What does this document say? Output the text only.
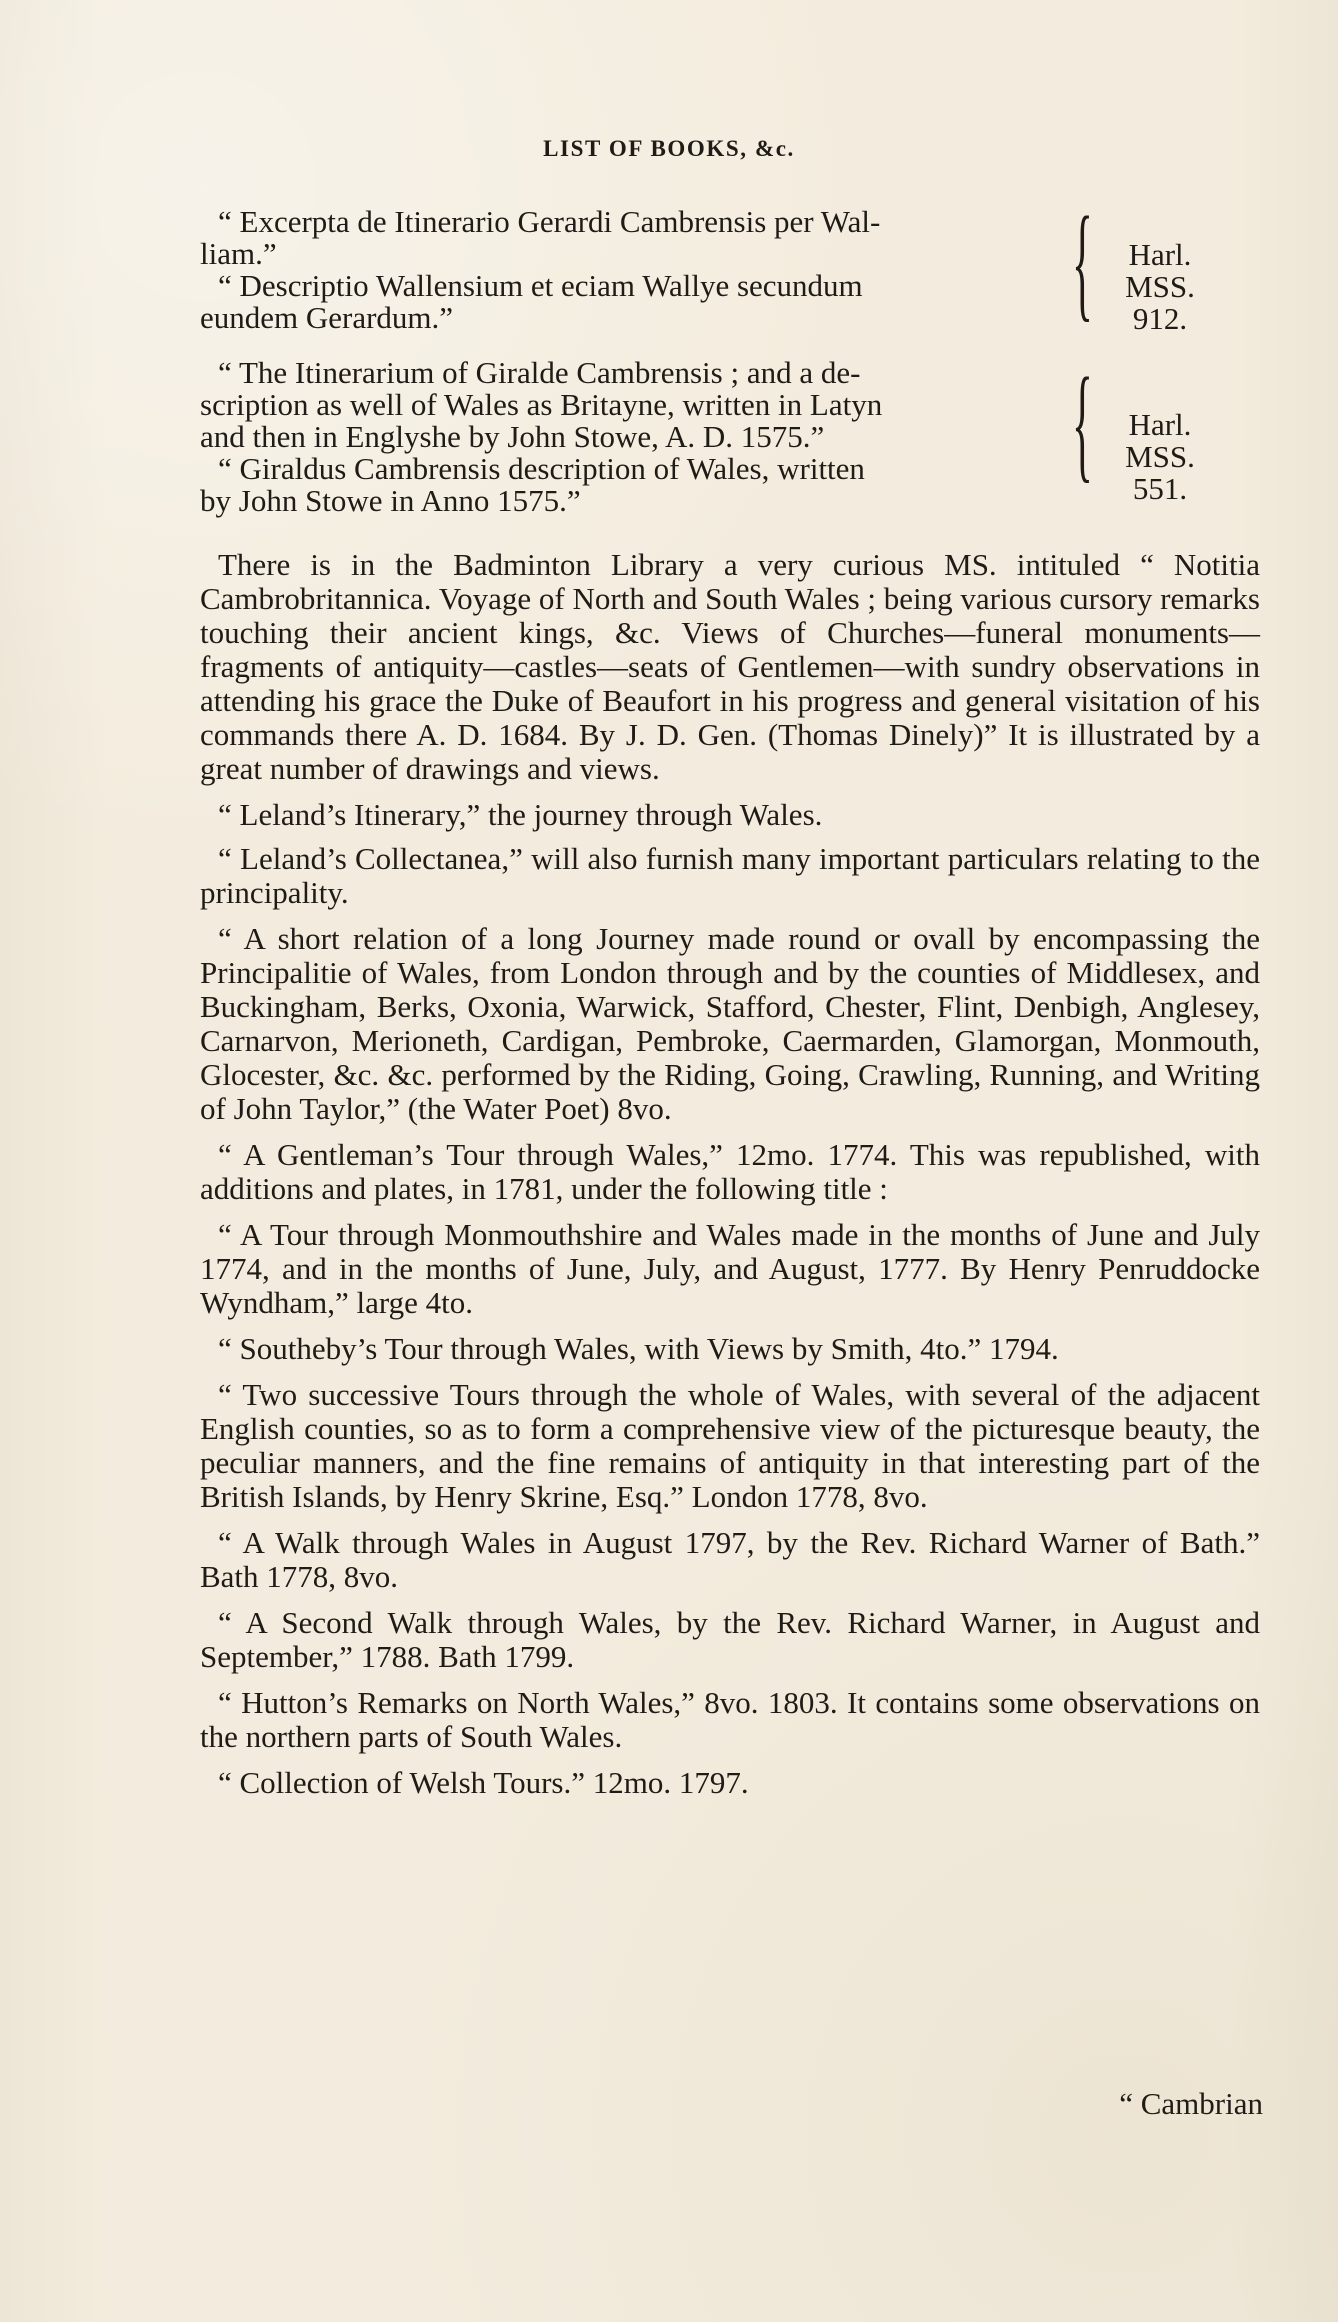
LIST OF BOOKS, &c.

“ Excerpta de Itinerario Gerardi Cambrensis per Wal-

liam.”

“ Descriptio Wallensium et eciam Wallye secundum

eundem Gerardum.”	{	Harl. MSS.
912.

“ The Itinerarium of Giralde Cambrensis ; and a de-

scription as well of Wales as Britayne, written in Latyn

and then in Englyshe by John Stowe, A. D. 1575.”

“ Giraldus Cambrensis description of Wales, written

by John Stowe in Anno 1575.”

{	Harl. MSS.
551.

There is in the Badminton Library a very curious MS. intituled “ Notitia Cambrobritannica. Voyage of North and South Wales ; being various cursory remarks touching their ancient kings, &c. Views of Churches—funeral monuments—fragments of antiquity—castles—seats of Gentlemen—with sundry observations in attending his grace the Duke of Beaufort in his progress and general visitation of his commands there A. D. 1684. By J. D. Gen. (Thomas Dinely)” It is illustrated by a great number of drawings and views.

“ Leland’s Itinerary,” the journey through Wales.

“ Leland’s Collectanea,” will also furnish many important particulars relating to the principality.

“ A short relation of a long Journey made round or ovall by encompassing the Principalitie of Wales, from London through and by the counties of Middlesex, and Buckingham, Berks, Oxonia, Warwick, Stafford, Chester, Flint, Denbigh, Anglesey, Carnarvon, Merioneth, Cardigan, Pembroke, Caermarden, Glamorgan, Monmouth, Glocester, &c. &c. performed by the Riding, Going, Crawling, Running, and Writing of John Taylor,” (the Water Poet) 8vo.

“ A Gentleman’s Tour through Wales,” 12mo. 1774. This was republished, with additions and plates, in 1781, under the following title :

“ A Tour through Monmouthshire and Wales made in the months of June and July 1774, and in the months of June, July, and August, 1777. By Henry Penruddocke Wyndham,” large 4to.

“ Southeby’s Tour through Wales, with Views by Smith, 4to.” 1794.

“ Two successive Tours through the whole of Wales, with several of the adjacent English counties, so as to form a comprehensive view of the picturesque beauty, the peculiar manners, and the fine remains of antiquity in that interesting part of the British Islands, by Henry Skrine, Esq.” London 1778, 8vo.

“ A Walk through Wales in August 1797, by the Rev. Richard Warner of Bath.” Bath 1778, 8vo.

“ A Second Walk through Wales, by the Rev. Richard Warner, in August and September,” 1788. Bath 1799.

“ Hutton’s Remarks on North Wales,” 8vo. 1803. It contains some observations on the northern parts of South Wales.

“ Collection of Welsh Tours.” 12mo. 1797.

“ Cambrian
